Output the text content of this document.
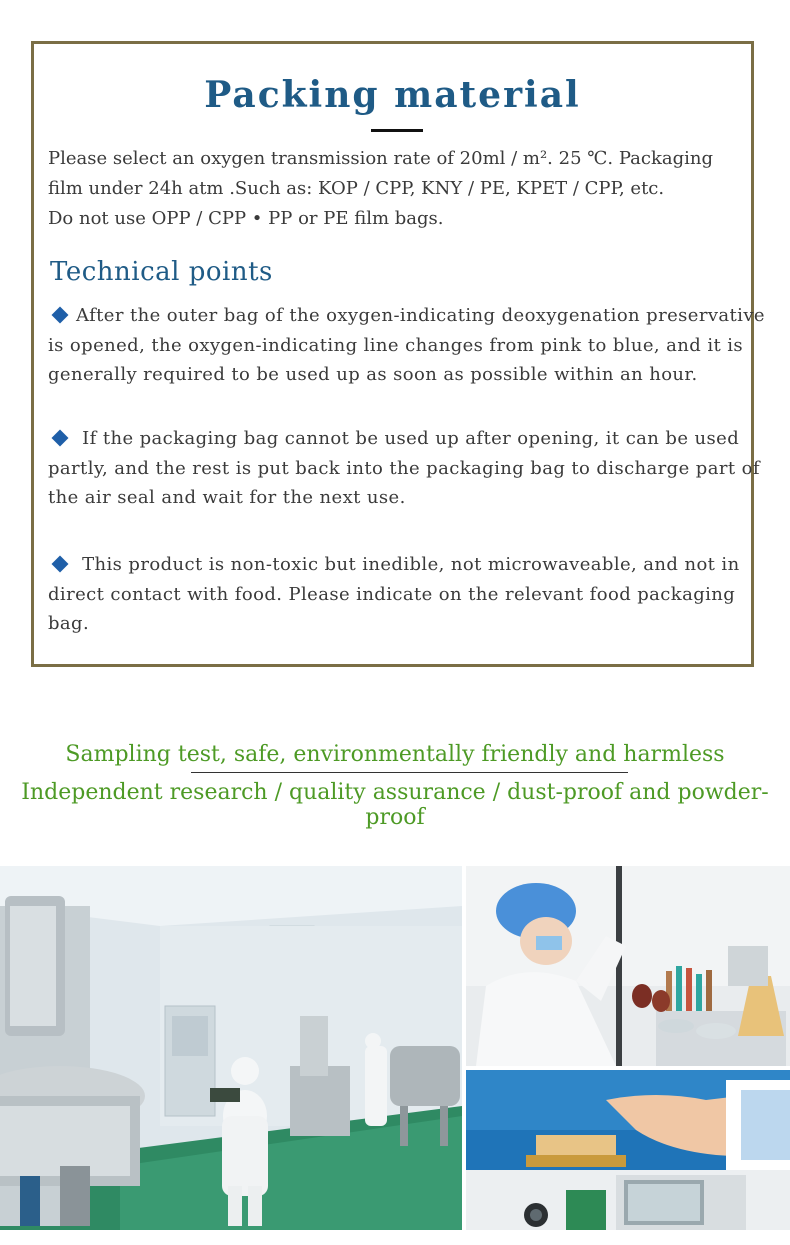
Packing material

Please select an oxygen transmission rate of 20ml / m². 25 ℃. Packaging

film under 24h atm .Such as: KOP / CPP, KNY / PE, KPET / CPP, etc.

Do not use OPP / CPP • PP or PE film bags.

Technical points

After the outer bag of the oxygen-indicating deoxygenation preservative

is opened, the oxygen-indicating line changes from pink to blue, and it is

generally required to be used up as soon as possible within an hour.

If the packaging bag cannot be used up after opening, it can be used

partly, and the rest is put back into the packaging bag to discharge part of

the air seal and wait for the next use.

This product is non-toxic but inedible, not microwaveable, and not in

direct contact with food. Please indicate on the relevant food packaging

bag.

Sampling test, safe, environmentally friendly and harmless
Independent research / quality assurance / dust-proof and powder-proof
